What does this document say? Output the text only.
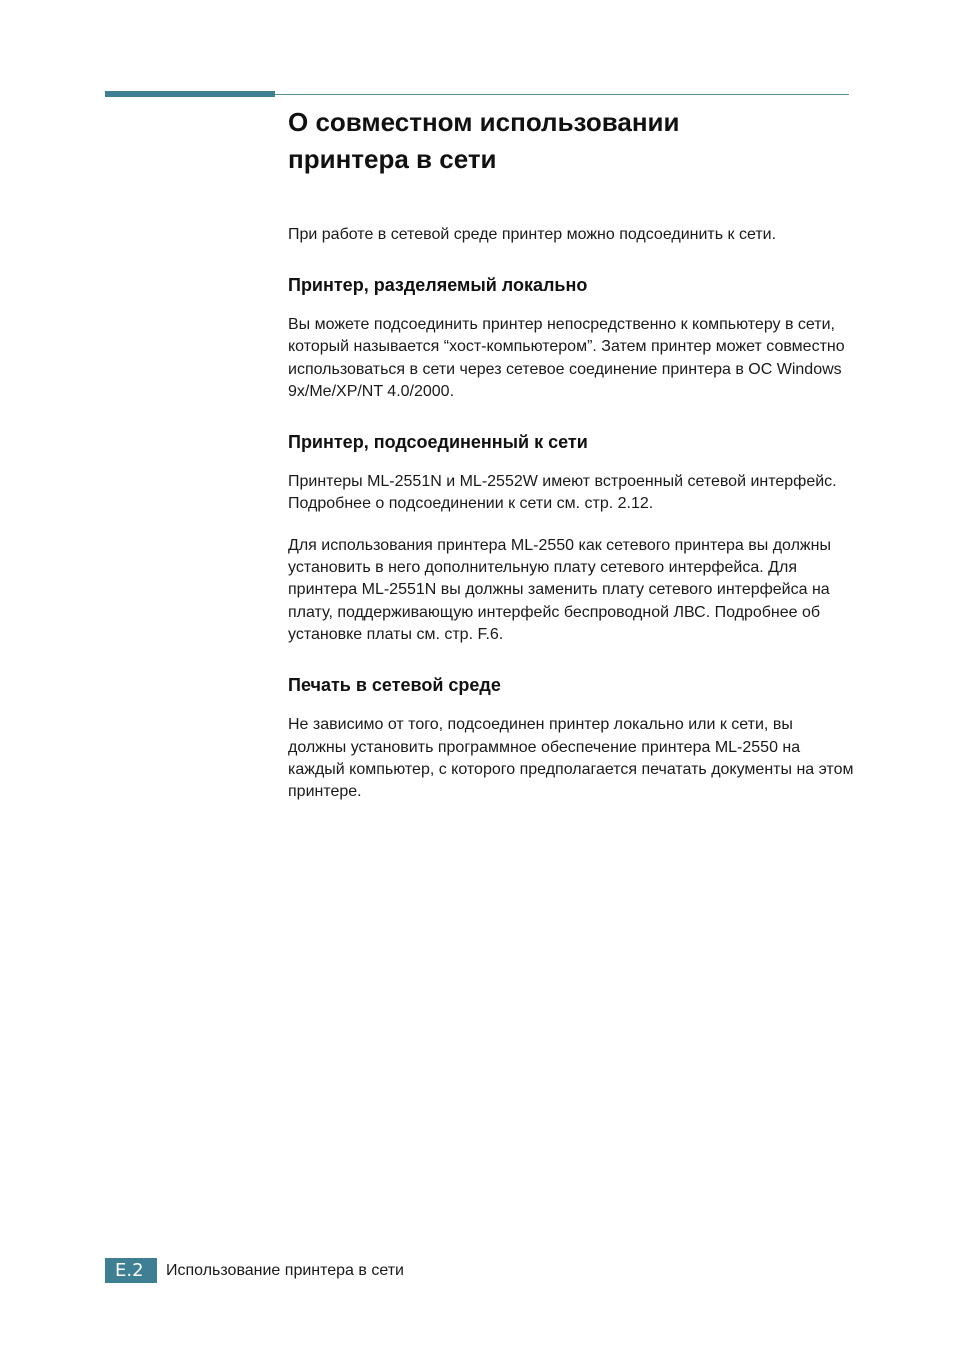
О совместном использовании
принтера в сети

При работе в сетевой среде принтер можно подсоединить к сети.

Принтер, разделяемый локально

Вы можете подсоединить принтер непосредственно к компьютеру в сети, который называется “хост-компьютером”. Затем принтер может совместно использоваться в сети через сетевое соединение принтера в ОС Windows 9x/Me/XP/NT 4.0/2000.

Принтер, подсоединенный к сети

Принтеры ML-2551N и ML-2552W имеют встроенный сетевой интерфейс. Подробнее о подсоединении к сети см. стр. 2.12.

Для использования принтера ML-2550 как сетевого принтера вы должны установить в него дополнительную плату сетевого интерфейса. Для принтера ML-2551N вы должны заменить плату сетевого интерфейса на плату, поддерживающую интерфейс беспроводной ЛВС. Подробнее об установке платы см. стр. F.6.

Печать в сетевой среде

Не зависимо от того, подсоединен принтер локально или к сети, вы должны установить программное обеспечение принтера ML-2550 на каждый компьютер, с которого предполагается печатать документы на этом принтере.

E.2	Использование принтера в сети
